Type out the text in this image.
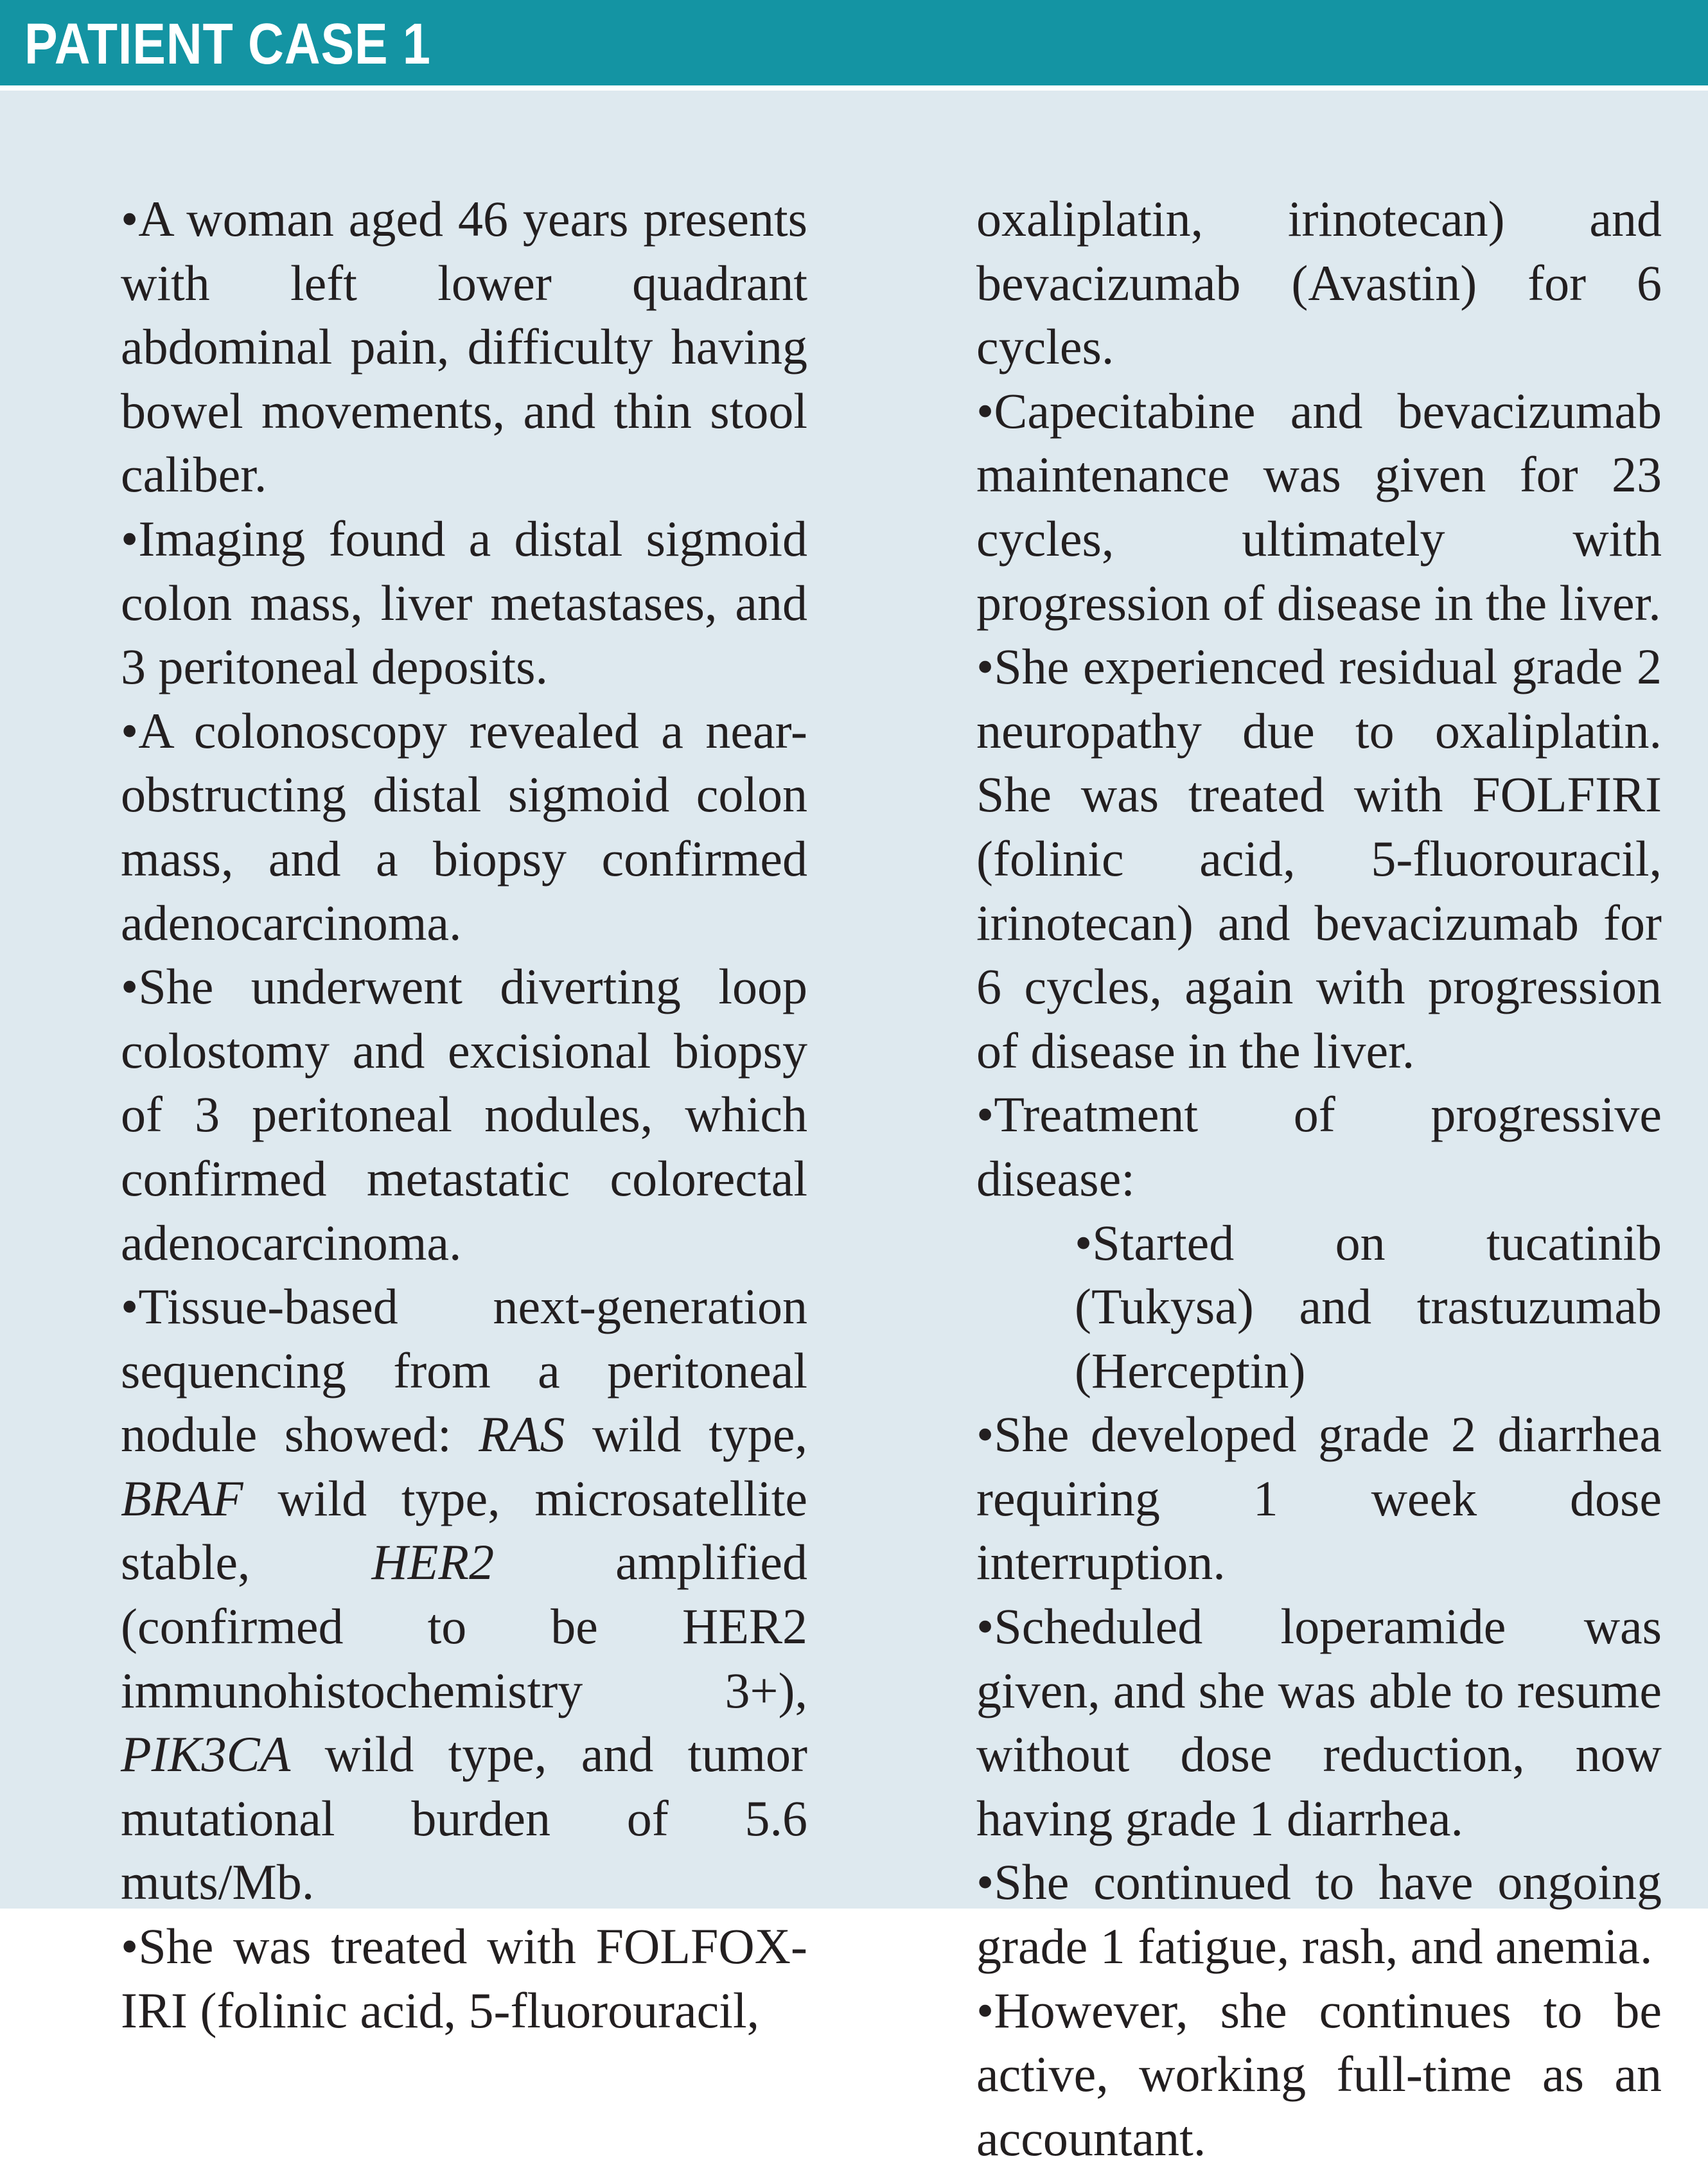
PATIENT CASE 1
•A woman aged 46 years presents with left lower quadrant abdominal pain, difficulty having bowel movements, and thin stool caliber.
•Imaging found a distal sigmoid colon mass, liver metastases, and 3 peritoneal deposits.
•A colonoscopy revealed a near-obstructing distal sigmoid colon mass, and a biopsy confirmed adenocarcinoma.
•She underwent diverting loop colostomy and excisional biopsy of 3 peritoneal nodules, which confirmed metastatic colorectal adenocarcinoma.
•Tissue-based next-generation sequencing from a peritoneal nodule showed: RAS wild type, BRAF wild type, microsatellite stable, HER2 amplified (confirmed to be HER2 immunohistochemistry 3+), PIK3CA wild type, and tumor mutational burden of 5.6 muts/Mb.
•She was treated with FOLFOX-IRI (folinic acid, 5-fluorouracil,
oxaliplatin, irinotecan) and bevacizumab (Avastin) for 6 cycles.
•Capecitabine and bevacizumab maintenance was given for 23 cycles, ultimately with progression of disease in the liver.
•She experienced residual grade 2 neuropathy due to oxaliplatin. She was treated with FOLFIRI (folinic acid, 5-fluorouracil, irinotecan) and bevacizumab for 6 cycles, again with progression of disease in the liver.
•Treatment of progressive disease:
•Started on tucatinib (Tukysa) and trastuzumab (Herceptin)
•She developed grade 2 diarrhea requiring 1 week dose interruption.
•Scheduled loperamide was given, and she was able to resume without dose reduction, now having grade 1 diarrhea.
•She continued to have ongoing grade 1 fatigue, rash, and anemia.
•However, she continues to be active, working full-time as an accountant.
